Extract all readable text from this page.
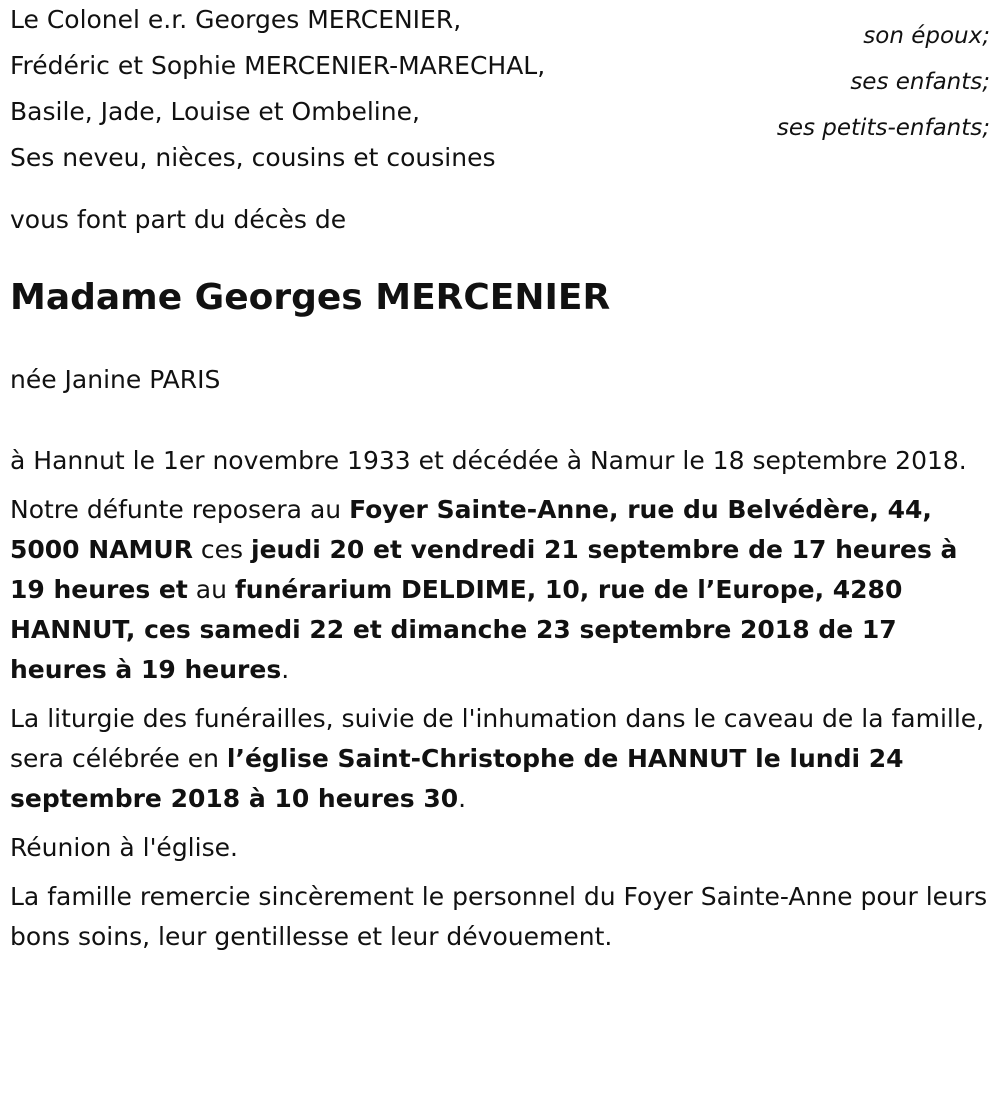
Le Colonel e.r. Georges MERCENIER,
son époux;
Frédéric et Sophie MERCENIER-MARECHAL,
ses enfants;
Basile, Jade, Louise et Ombeline,
ses petits-enfants;
Ses neveu, nièces, cousins et cousines

vous font part du décès de

Madame Georges MERCENIER

née Janine PARIS

à Hannut le 1er novembre 1933 et décédée à Namur le 18 septembre 2018.

Notre défunte reposera au Foyer Sainte-Anne, rue du Belvédère, 44, 5000 NAMUR ces jeudi 20 et vendredi 21 septembre de 17 heures à 19 heures et au funérarium DELDIME, 10, rue de l’Europe, 4280 HANNUT, ces samedi 22 et dimanche 23 septembre 2018 de 17 heures à 19 heures.

La liturgie des funérailles, suivie de l'inhumation dans le caveau de la famille, sera célébrée en l’église Saint-Christophe de HANNUT le lundi 24 septembre 2018 à 10 heures 30.

Réunion à l'église.

La famille remercie sincèrement le personnel du Foyer Sainte-Anne pour leurs bons soins, leur gentillesse et leur dévouement.
